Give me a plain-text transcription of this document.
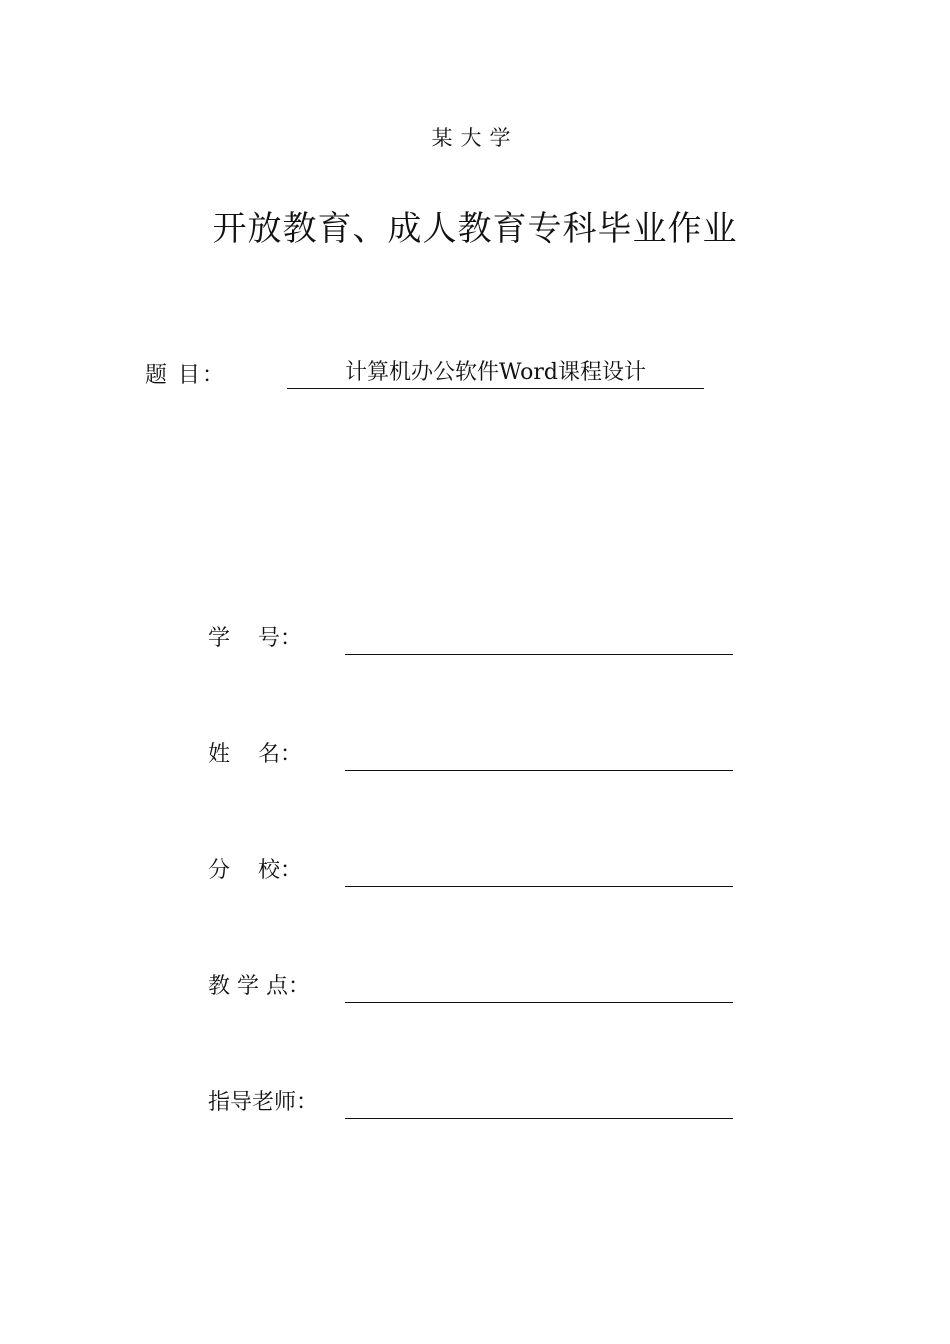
某大学
开放教育、成人教育专科毕业作业
题 目：	计算机办公软件Word课程设计
学    号：
姓    名：
分    校：
教 学 点：
指导老师：
